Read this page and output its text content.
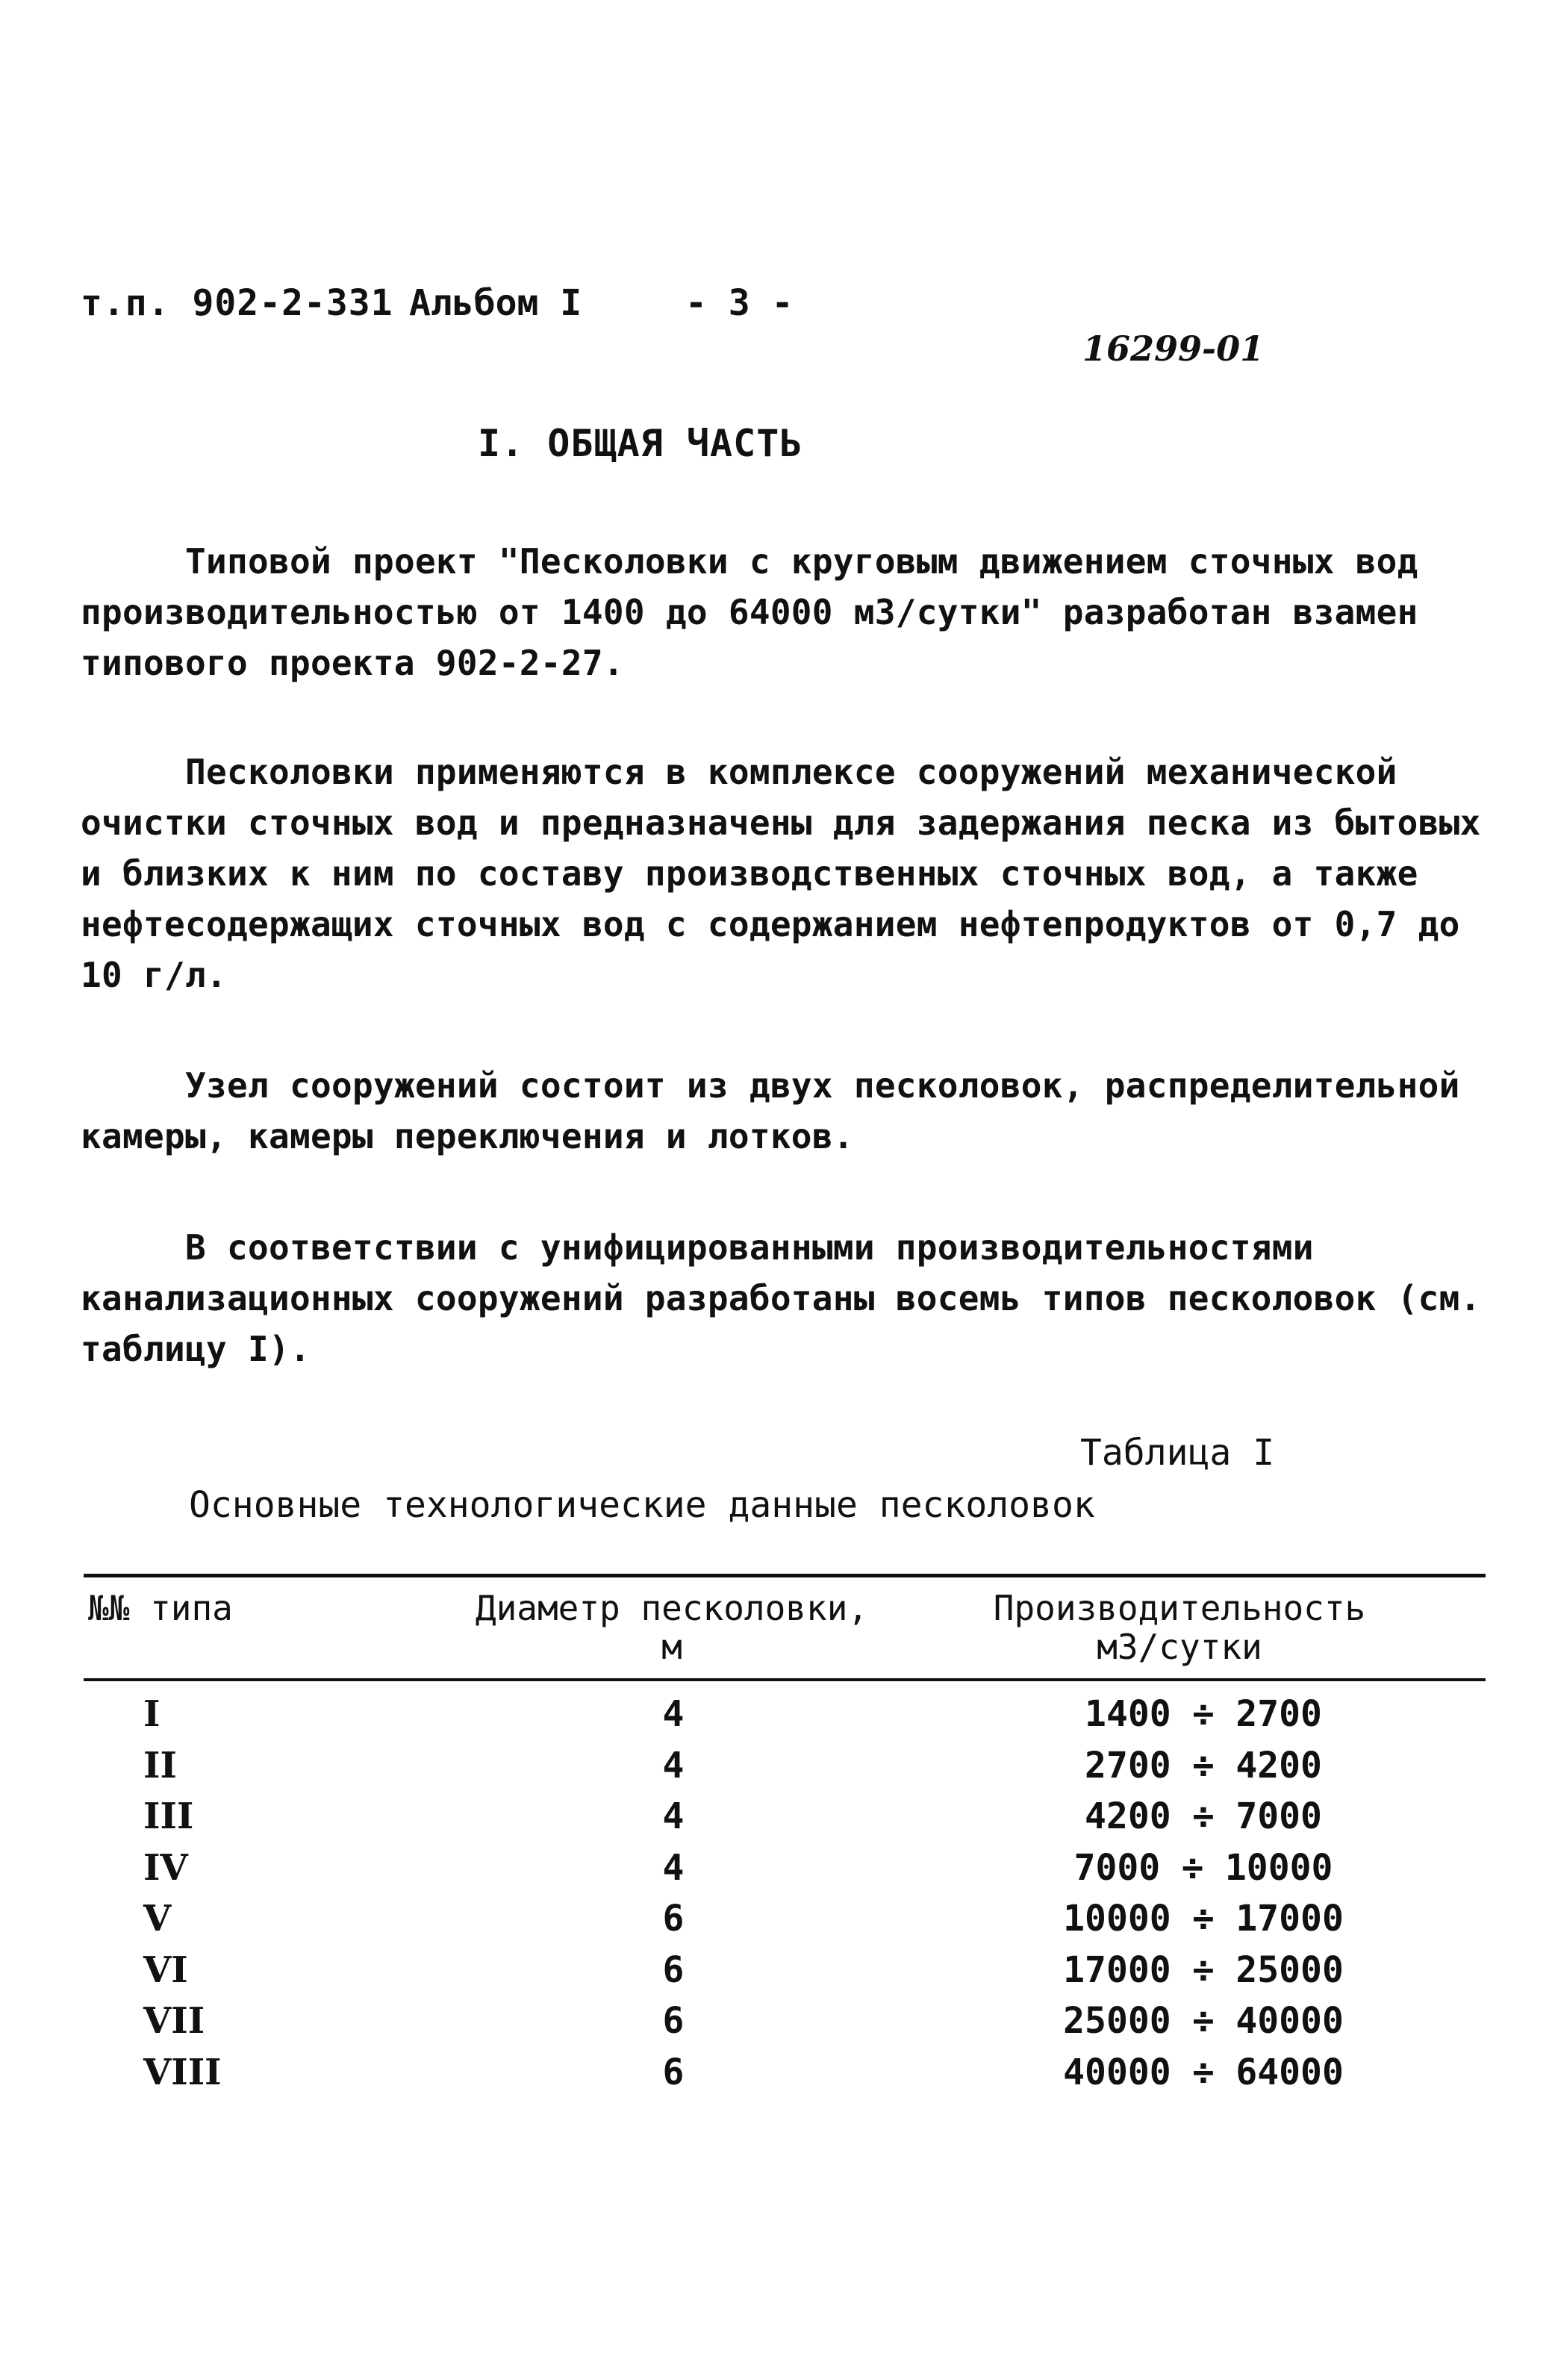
т.п. 902-2-331 Альбом I	- 3 -
16299-01
I. ОБЩАЯ ЧАСТЬ
Типовой проект "Песколовки с круговым движением сточных вод производительностью от 1400 до 64000 м3/сутки" разработан взамен типового проекта 902-2-27.
Песколовки применяются в комплексе сооружений механической очистки сточных вод и предназначены для задержания песка из бытовых и близких к ним по составу производственных сточных вод, а также нефтесодержащих сточных вод с содержанием нефтепродуктов от 0,7 до 10 г/л.
Узел сооружений состоит из двух песколовок, распределительной камеры, камеры переключения и лотков.
В соответствии с унифицированными производительностями канализационных сооружений разработаны восемь типов песколовок (см. таблицу I).
Таблица I
Основные технологические данные песколовок
№№ типа	Диаметр песколовки,
м
Производительность
м3/сутки
I	4	1400 ÷ 2700
II	4	2700 ÷ 4200
III	4	4200 ÷ 7000
IV	4	7000 ÷ 10000
V	6	10000 ÷ 17000
VI	6	17000 ÷ 25000
VII	6	25000 ÷ 40000
VIII	6	40000 ÷ 64000
